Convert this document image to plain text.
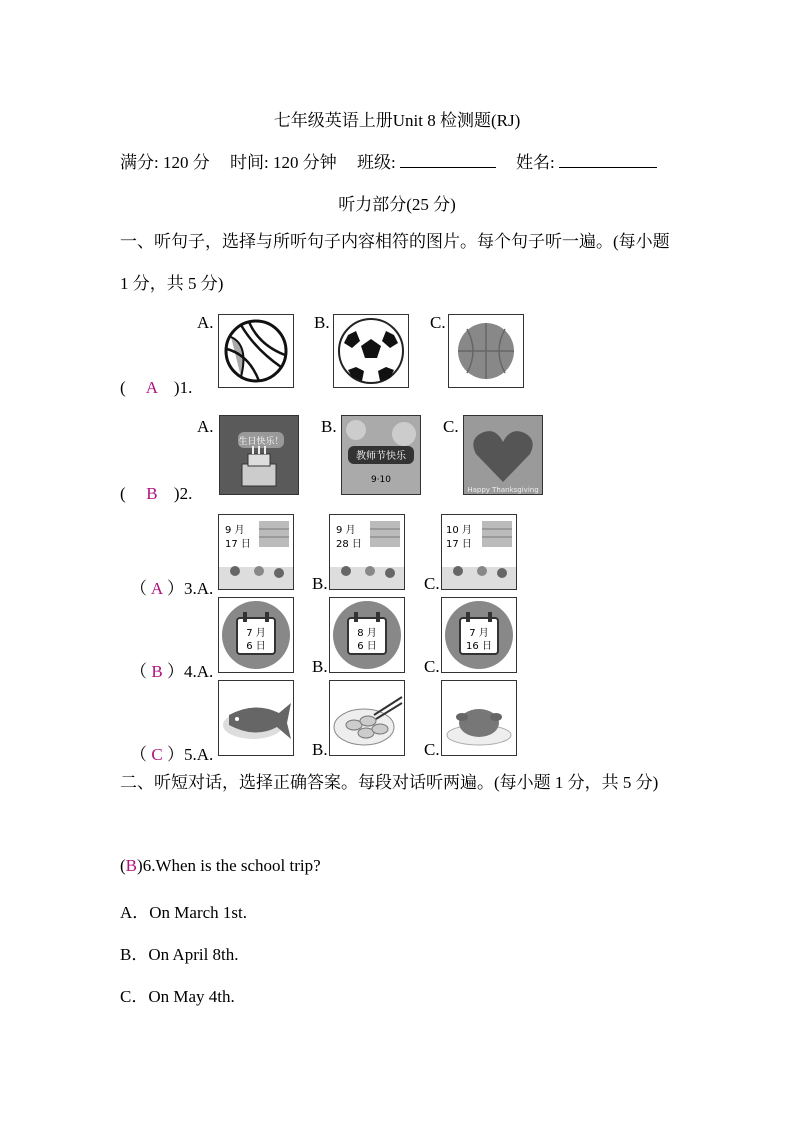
七年级英语上册Unit 8 检测题(RJ)
满分: 120 分 时间: 120 分钟 班级:	姓名:
听力部分(25 分)
一、听句子，选择与所听句子内容相符的图片。每个句子听一遍。(每小题 1 分，共 5 分)
( A )1.
A.	B.	C.
( B )2.
A.
生日快乐！
B.
教师节快乐
9·10
C.
Happy Thanksgiving
（ A ）3.A.
9 月
17 日
B.
9 月
28 日
C.
10 月
17 日
（ B ）4.A.
7 月
6 日
B.
8 月
6 日
C.
7 月
16 日
（ C ）5.A.	B.	C.
二、听短对话，选择正确答案。每段对话听两遍。(每小题 1 分，共 5 分)
(B)6.When is the school trip?
A．On March 1st.
B．On April 8th.
C．On May 4th.
